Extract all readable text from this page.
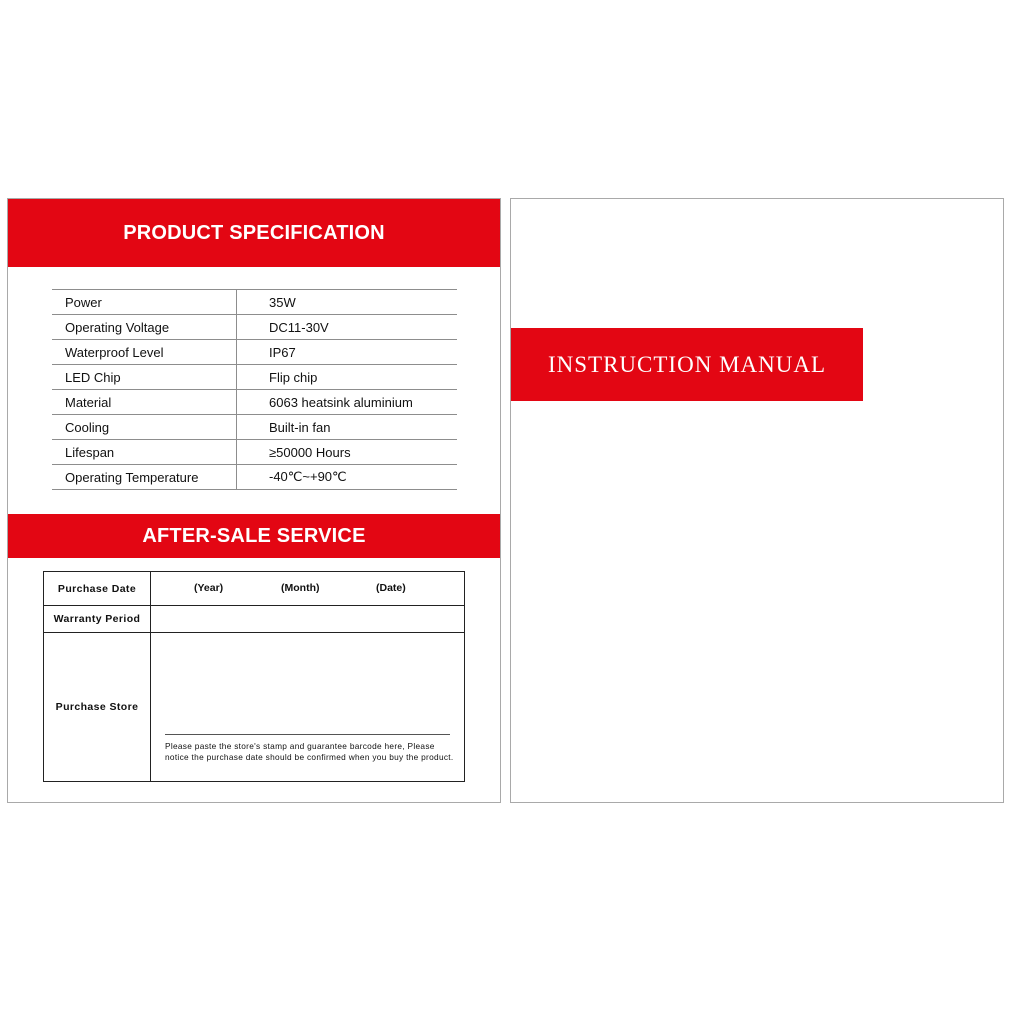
PRODUCT SPECIFICATION
Power	35W
Operating Voltage	DC11-30V
Waterproof Level	IP67
LED Chip	Flip chip
Material	6063 heatsink aluminium
Cooling	Built-in fan
Lifespan	≥50000 Hours
Operating Temperature	-40℃~+90℃
AFTER-SALE SERVICE
Purchase Date	(Year)	(Month)	(Date)
Warranty Period
Purchase Store
Please paste the store's stamp and guarantee barcode here, Please notice the purchase date should be confirmed when you buy the product.
INSTRUCTION MANUAL
